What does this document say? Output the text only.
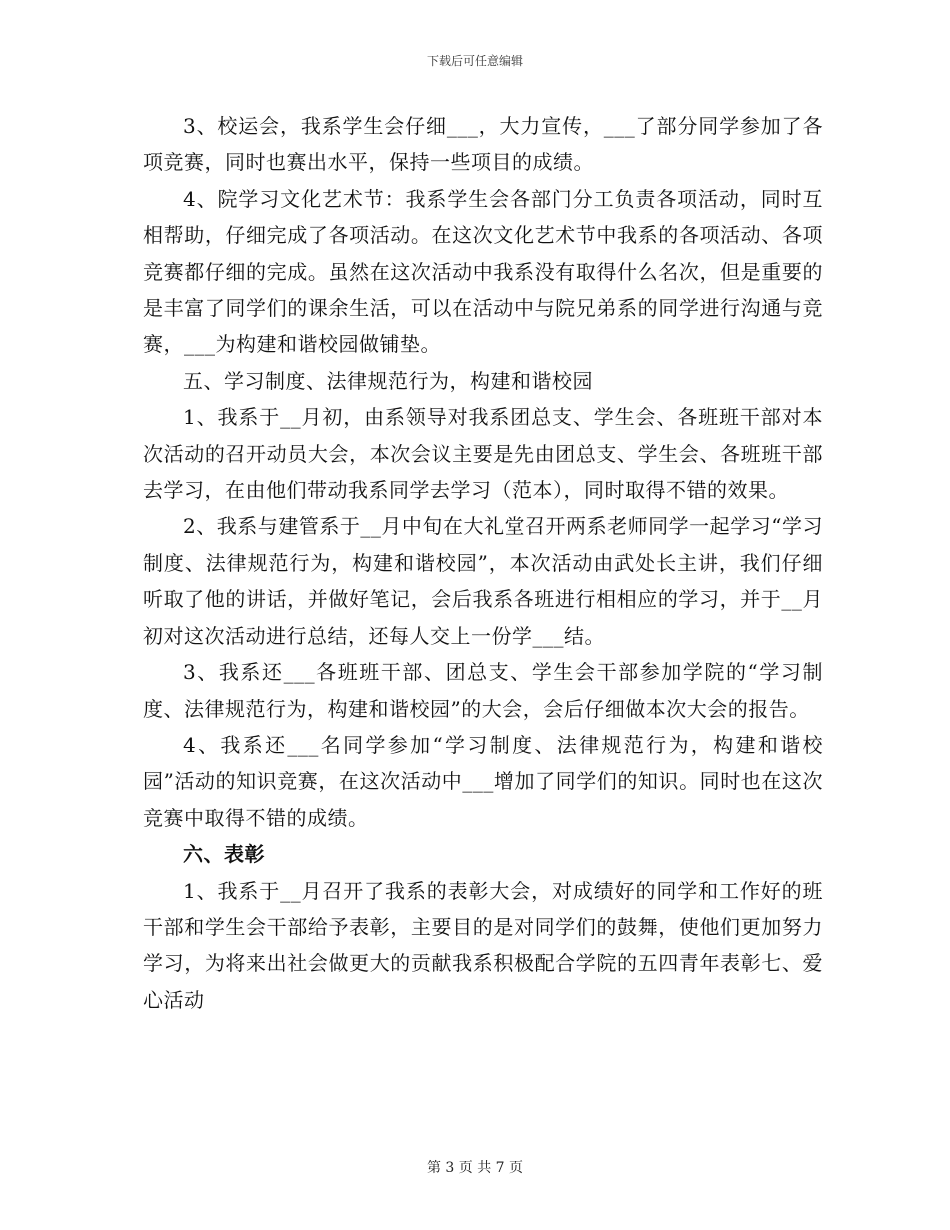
下载后可任意编辑

3、校运会，我系学生会仔细___，大力宣传，___了部分同学参加了各项竞赛，同时也赛出水平，保持一些项目的成绩。

4、院学习文化艺术节：我系学生会各部门分工负责各项活动，同时互相帮助，仔细完成了各项活动。在这次文化艺术节中我系的各项活动、各项竞赛都仔细的完成。虽然在这次活动中我系没有取得什么名次，但是重要的是丰富了同学们的课余生活，可以在活动中与院兄弟系的同学进行沟通与竞赛，___为构建和谐校园做铺垫。

五、学习制度、法律规范行为，构建和谐校园

1、我系于__月初，由系领导对我系团总支、学生会、各班班干部对本次活动的召开动员大会，本次会议主要是先由团总支、学生会、各班班干部去学习，在由他们带动我系同学去学习（范本），同时取得不错的效果。

2、我系与建管系于__月中旬在大礼堂召开两系老师同学一起学习“学习制度、法律规范行为，构建和谐校园”，本次活动由武处长主讲，我们仔细听取了他的讲话，并做好笔记，会后我系各班进行相相应的学习，并于__月初对这次活动进行总结，还每人交上一份学___结。

3、我系还___各班班干部、团总支、学生会干部参加学院的“学习制度、法律规范行为，构建和谐校园”的大会，会后仔细做本次大会的报告。

4、我系还___名同学参加“学习制度、法律规范行为，构建和谐校园”活动的知识竞赛，在这次活动中___增加了同学们的知识。同时也在这次竞赛中取得不错的成绩。

六、表彰

1、我系于__月召开了我系的表彰大会，对成绩好的同学和工作好的班干部和学生会干部给予表彰，主要目的是对同学们的鼓舞，使他们更加努力学习，为将来出社会做更大的贡献我系积极配合学院的五四青年表彰七、爱心活动

第 3 页 共 7 页
